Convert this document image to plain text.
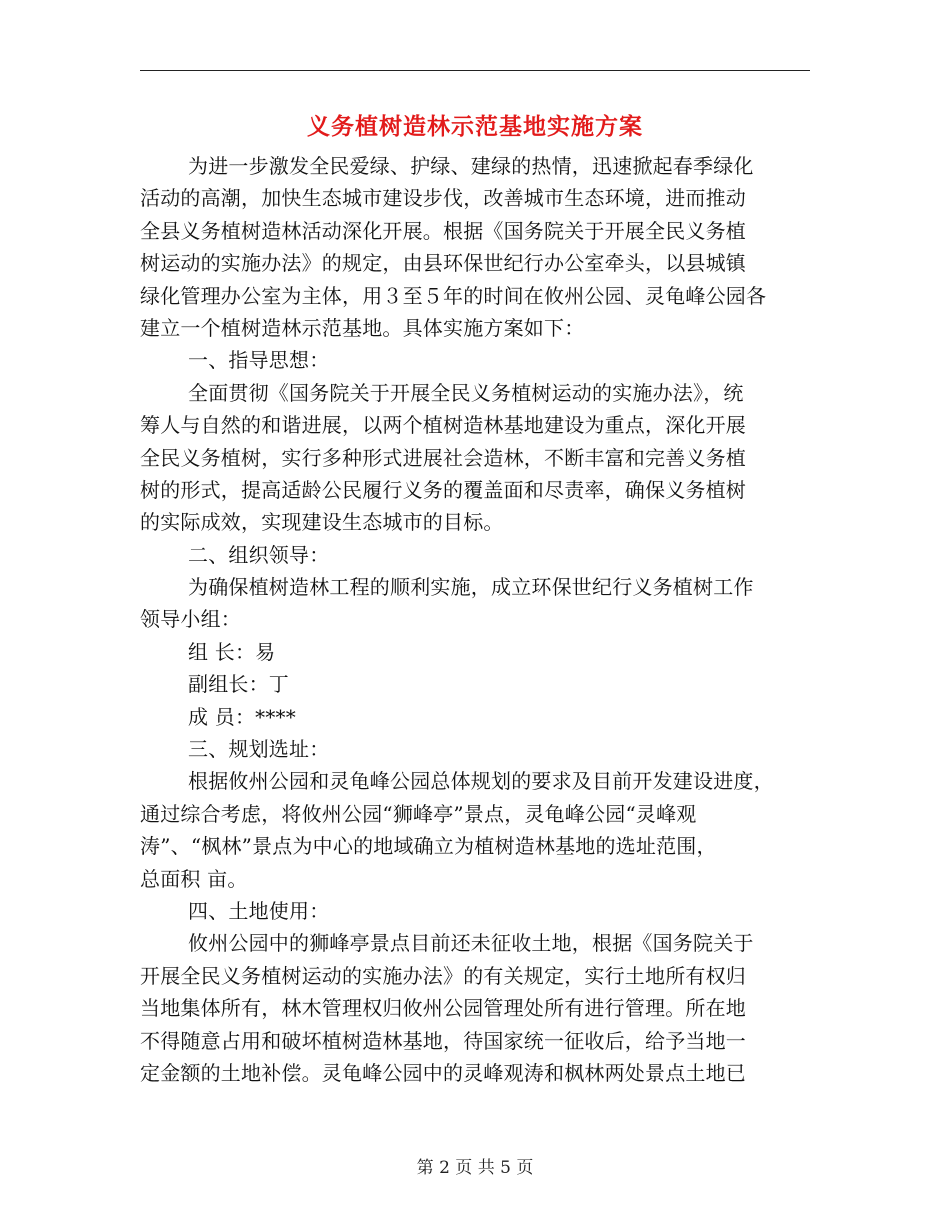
义务植树造林示范基地实施方案
为进一步激发全民爱绿、护绿、建绿的热情，迅速掀起春季绿化
活动的高潮，加快生态城市建设步伐，改善城市生态环境，进而推动
全县义务植树造林活动深化开展。根据《国务院关于开展全民义务植
树运动的实施办法》的规定，由县环保世纪行办公室牵头，以县城镇
绿化管理办公室为主体，用３至５年的时间在攸州公园、灵龟峰公园各
建立一个植树造林示范基地。具体实施方案如下：
一、指导思想：
全面贯彻《国务院关于开展全民义务植树运动的实施办法》，统
筹人与自然的和谐进展，以两个植树造林基地建设为重点，深化开展
全民义务植树，实行多种形式进展社会造林，不断丰富和完善义务植
树的形式，提高适龄公民履行义务的覆盖面和尽责率，确保义务植树
的实际成效，实现建设生态城市的目标。
二、组织领导：
为确保植树造林工程的顺利实施，成立环保世纪行义务植树工作
领导小组：
组 长：易
副组长：丁
成 员：****
三、规划选址：
根据攸州公园和灵龟峰公园总体规划的要求及目前开发建设进度，
通过综合考虑，将攸州公园“狮峰亭”景点，灵龟峰公园“灵峰观
涛”、“枫林”景点为中心的地域确立为植树造林基地的选址范围，
总面积 亩。
四、土地使用：
攸州公园中的狮峰亭景点目前还未征收土地，根据《国务院关于
开展全民义务植树运动的实施办法》的有关规定，实行土地所有权归
当地集体所有，林木管理权归攸州公园管理处所有进行管理。所在地
不得随意占用和破坏植树造林基地，待国家统一征收后，给予当地一
定金额的土地补偿。灵龟峰公园中的灵峰观涛和枫林两处景点土地已
第 2 页 共 5 页
